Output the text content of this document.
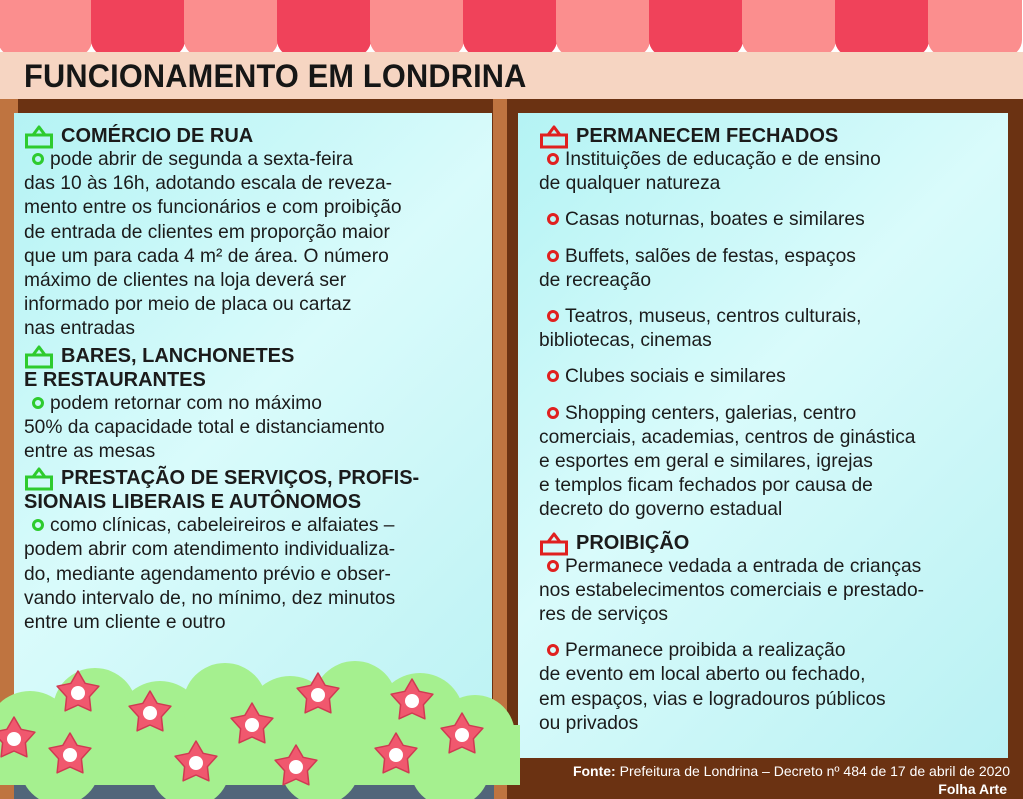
FUNCIONAMENTO EM LONDRINA
COMÉRCIO DE RUA
pode abrir de segunda a sexta-feira
das 10 às 16h, adotando escala de reveza-
mento entre os funcionários e com proibição
de entrada de clientes em proporção maior
que um para cada 4 m² de área. O número
máximo de clientes na loja deverá ser
informado por meio de placa ou cartaz
nas entradas
BARES, LANCHONETES
E RESTAURANTES
podem retornar com no máximo
50% da capacidade total e distanciamento
entre as mesas
PRESTAÇÃO DE SERVIÇOS, PROFIS-
SIONAIS LIBERAIS E AUTÔNOMOS
como clínicas, cabeleireiros e alfaiates –
podem abrir com atendimento individualiza-
do, mediante agendamento prévio e obser-
vando intervalo de, no mínimo, dez minutos
entre um cliente e outro
PERMANECEM FECHADOS
Instituições de educação e de ensino
de qualquer natureza
Casas noturnas, boates e similares
Buffets, salões de festas, espaços
de recreação
Teatros, museus, centros culturais,
bibliotecas, cinemas
Clubes sociais e similares
Shopping centers, galerias, centro
comerciais, academias, centros de ginástica
e esportes em geral e similares, igrejas
e templos ficam fechados por causa de
decreto do governo estadual
PROIBIÇÃO
Permanece vedada a entrada de crianças
nos estabelecimentos comerciais e prestado-
res de serviços
Permanece proibida a realização
de evento em local aberto ou fechado,
em espaços, vias e logradouros públicos
ou privados
Fonte: Prefeitura de Londrina – Decreto nº 484 de 17 de abril de 2020
Folha Arte
